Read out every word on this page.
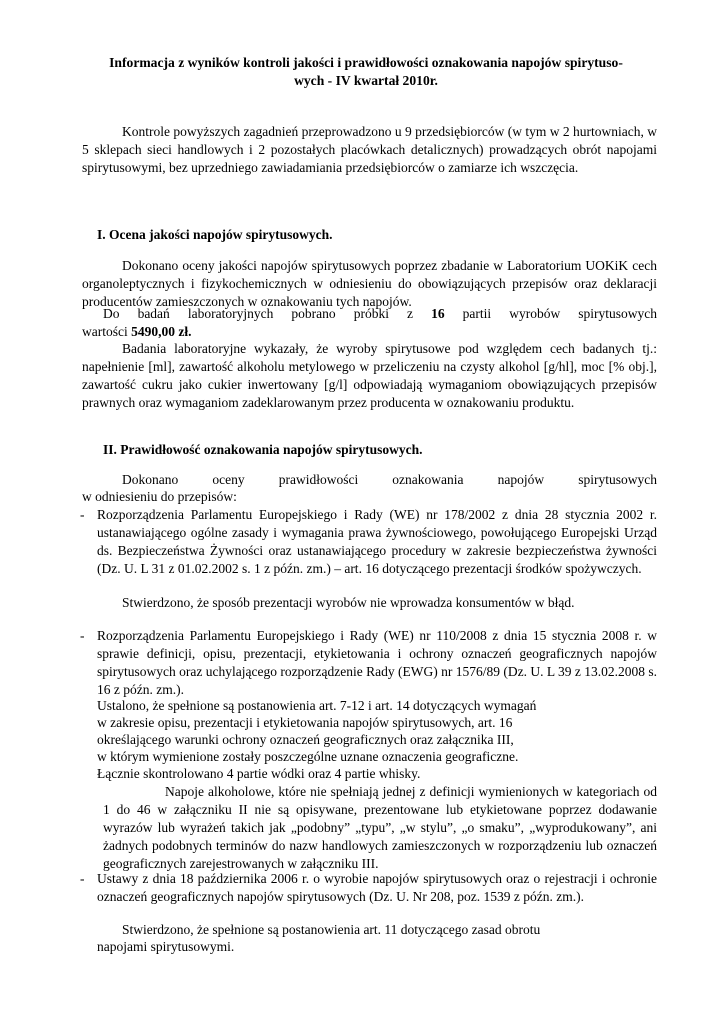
Informacja z wyników kontroli jakości i prawidłowości oznakowania napojów spirytuso-
wych - IV kwartał 2010r.
Kontrole powyższych zagadnień przeprowadzono u 9 przedsiębiorców (w tym w 2 hurtowniach, w 5 sklepach sieci handlowych i 2 pozostałych placówkach detalicznych) prowadzących obrót napojami spirytusowymi, bez uprzedniego zawiadamiania przedsiębiorców o zamiarze ich wszczęcia.
I. Ocena jakości napojów spirytusowych.
Dokonano oceny jakości napojów spirytusowych poprzez zbadanie w Laboratorium UOKiK cech organoleptycznych i fizykochemicznych w odniesieniu do obowiązujących przepisów oraz deklaracji producentów zamieszczonych w oznakowaniu tych napojów.
Do badań laboratoryjnych pobrano próbki z 16 partii wyrobów spirytusowych
wartości 5490,00 zł.
Badania laboratoryjne wykazały, że wyroby spirytusowe pod względem cech badanych tj.: napełnienie [ml], zawartość alkoholu metylowego w przeliczeniu na czysty alkohol [g/hl], moc [% obj.], zawartość cukru jako cukier inwertowany [g/l] odpowiadają wymaganiom obowiązujących przepisów prawnych oraz wymaganiom zadeklarowanym przez producenta w oznakowaniu produktu.
II. Prawidłowość oznakowania napojów spirytusowych.
Dokonano oceny prawidłowości oznakowania napojów spirytusowych
w odniesieniu do przepisów:
- Rozporządzenia Parlamentu Europejskiego i Rady (WE) nr 178/2002 z dnia 28 stycznia 2002 r. ustanawiającego ogólne zasady i wymagania prawa żywnościowego, powołującego Europejski Urząd ds. Bezpieczeństwa Żywności oraz ustanawiającego procedury w zakresie bezpieczeństwa żywności (Dz. U. L 31 z 01.02.2002 s. 1 z późn. zm.) – art. 16 dotyczącego prezentacji środków spożywczych.
Stwierdzono, że sposób prezentacji wyrobów nie wprowadza konsumentów w błąd.
- Rozporządzenia Parlamentu Europejskiego i Rady (WE) nr 110/2008 z dnia 15 stycznia 2008 r. w sprawie definicji, opisu, prezentacji, etykietowania i ochrony oznaczeń geograficznych napojów spirytusowych oraz uchylającego rozporządzenie Rady (EWG) nr 1576/89 (Dz. U. L 39 z 13.02.2008 s. 16 z późn. zm.).
Ustalono, że spełnione są postanowienia art. 7-12 i art. 14 dotyczących wymagań
w zakresie opisu, prezentacji i etykietowania napojów spirytusowych, art. 16
określającego warunki ochrony oznaczeń geograficznych oraz załącznika III,
w którym wymienione zostały poszczególne uznane oznaczenia geograficzne.
Łącznie skontrolowano 4 partie wódki oraz 4 partie whisky.
Napoje alkoholowe, które nie spełniają jednej z definicji wymienionych w kategoriach od 1 do 46 w załączniku II nie są opisywane, prezentowane lub etykietowane poprzez dodawanie wyrazów lub wyrażeń takich jak „podobny” „typu”, „w stylu”, „o smaku”, „wyprodukowany”, ani żadnych podobnych terminów do nazw handlowych zamieszczonych w rozporządzeniu lub oznaczeń geograficznych zarejestrowanych w załączniku III.
- Ustawy z dnia 18 października 2006 r. o wyrobie napojów spirytusowych oraz o rejestracji i ochronie oznaczeń geograficznych napojów spirytusowych (Dz. U. Nr 208, poz. 1539 z późn. zm.).
Stwierdzono, że spełnione są postanowienia art. 11 dotyczącego zasad obrotu
napojami spirytusowymi.
